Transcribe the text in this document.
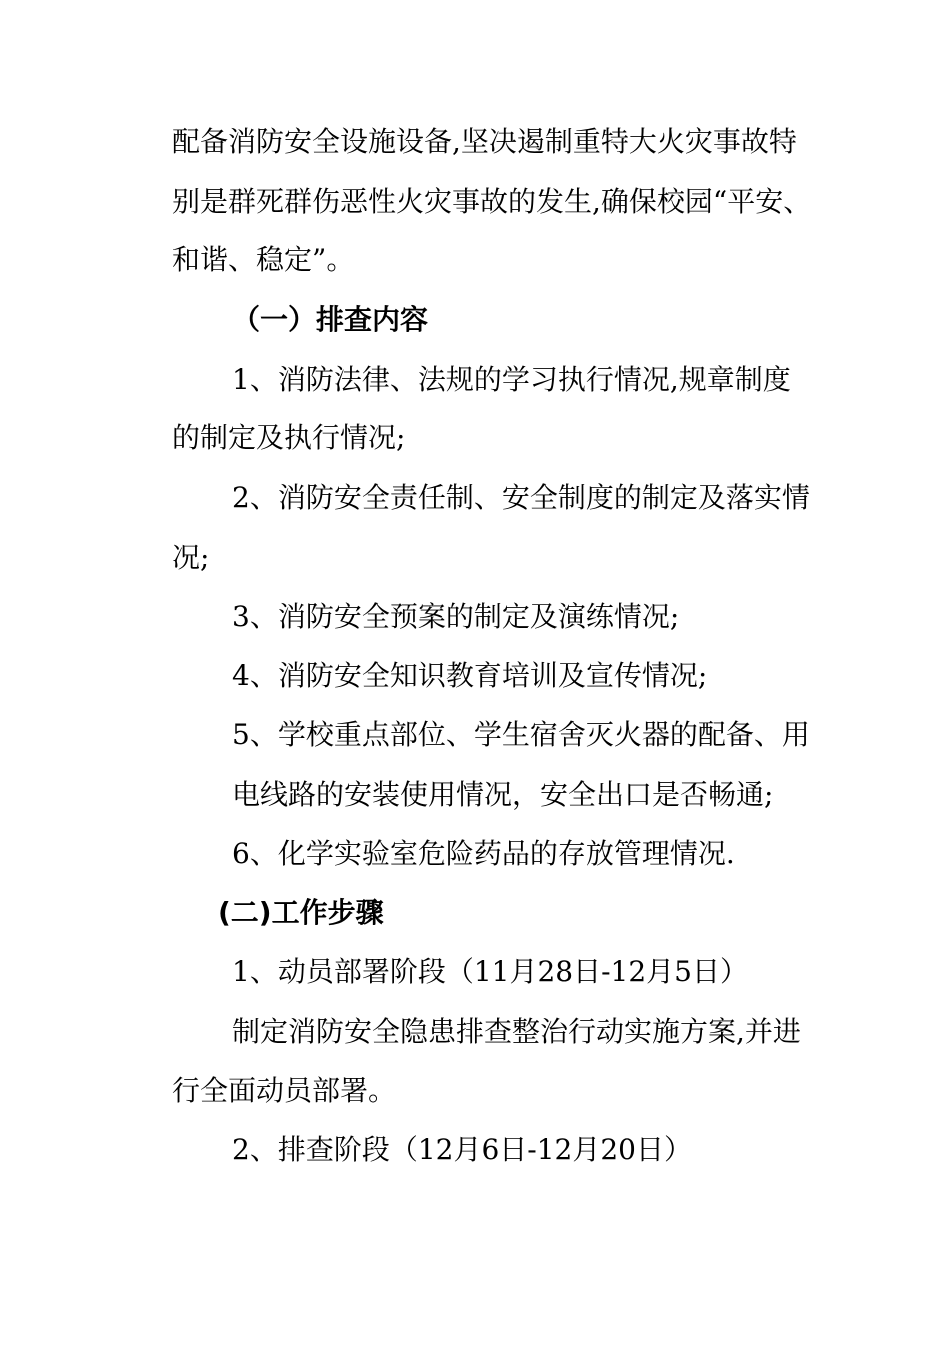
配备消防安全设施设备,坚决遏制重特大火灾事故特
别是群死群伤恶性火灾事故的发生,确保校园“平安、
和谐、稳定”。
（一）排查内容
1、消防法律、法规的学习执行情况,规章制度
的制定及执行情况;
2、消防安全责任制、安全制度的制定及落实情
况;
3、消防安全预案的制定及演练情况;
4、消防安全知识教育培训及宣传情况;
5、学校重点部位、学生宿舍灭火器的配备、用
电线路的安装使用情况，安全出口是否畅通;
6、化学实验室危险药品的存放管理情况.
(二)工作步骤
1、动员部署阶段（11月28日-12月5日）
制定消防安全隐患排查整治行动实施方案,并进
行全面动员部署。
2、排查阶段（12月6日-12月20日）
